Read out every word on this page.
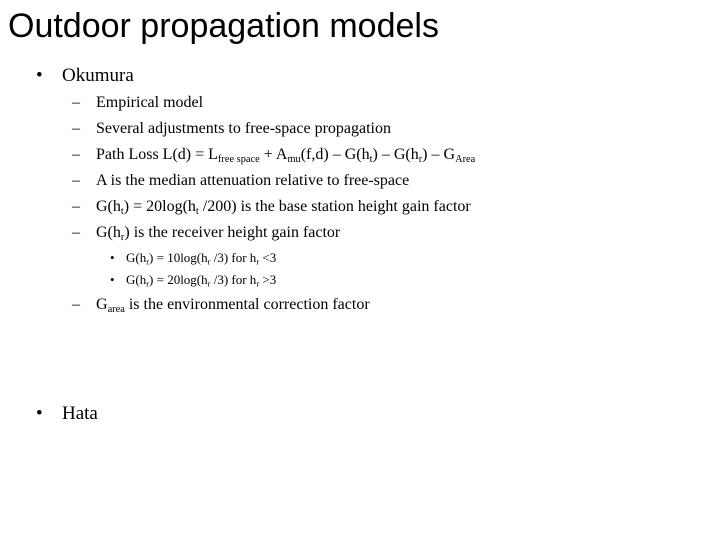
Outdoor propagation models
• Okumura
– Empirical model
– Several adjustments to free-space propagation
– Path Loss $L(d) = L_{free space} + A_{mu}(f,d) - G(h_t) - G(h_r) - G_{Area}$
– A is the median attenuation relative to free-space
– $G(h_t) = 20\log(h_t$ /200) is the base station height gain factor
– $G(h_r)$ is the receiver height gain factor
• $G(h_r) = 10\log(h_r$ /3) for $h_r <3$
• $G(h_r) = 20\log(h_r$ /3) for $h_r >3$
– $G_{area}$ is the environmental correction factor
• Hata
